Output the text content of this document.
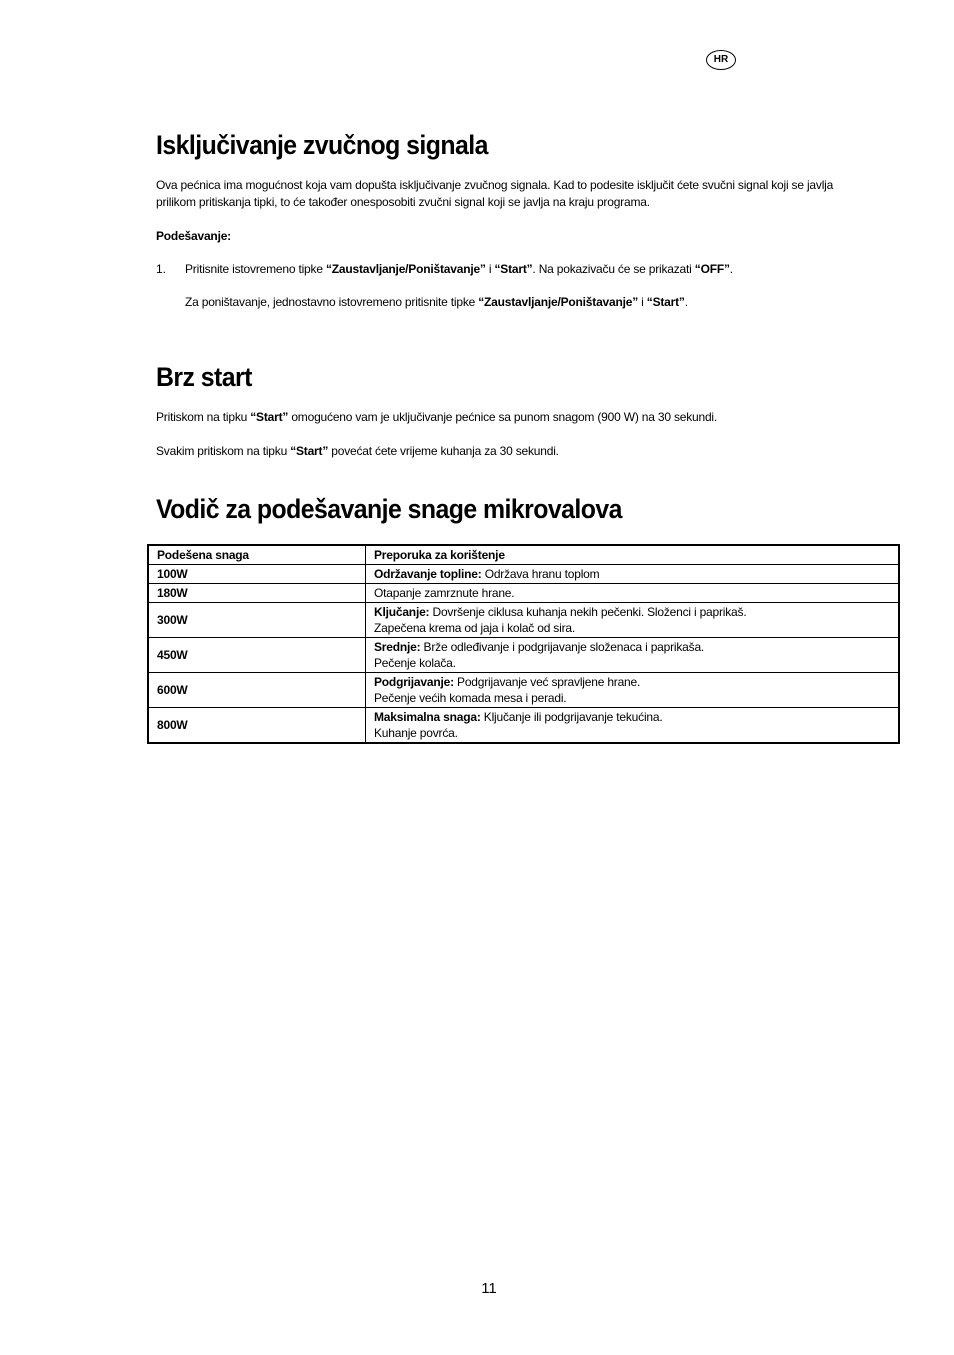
HR
Isključivanje zvučnog signala

Ova pećnica ima mogućnost koja vam dopušta isključivanje zvučnog signala. Kad to podesite isključit ćete svučni signal koji se javlja prilikom pritiskanja tipki, to će također onesposobiti zvučni signal koji se javlja na kraju programa.

Podešavanje:

1. Pritisnite istovremeno tipke “Zaustavljanje/Poništavanje” i “Start”. Na pokazivaču će se prikazati “OFF”.
Za poništavanje, jednostavno istovremeno pritisnite tipke “Zaustavljanje/Poništavanje” i “Start”.
Brz start

Pritiskom na tipku “Start” omogućeno vam je uključivanje pećnice sa punom snagom (900 W) na 30 sekundi.

Svakim pritiskom na tipku “Start” povećat ćete vrijeme kuhanja za 30 sekundi.

Vodič za podešavanje snage mikrovalova
Podešena snaga	Preporuka za korištenje
100W	Održavanje topline: Održava hranu toplom
180W	Otapanje zamrznute hrane.
300W	Ključanje: Dovršenje ciklusa kuhanja nekih pečenki. Složenci i paprikaš.
Zapečena krema od jaja i kolač od sira.
450W	Srednje: Brže odleđivanje i podgrijavanje složenaca i paprikaša.
Pečenje kolača.
600W	Podgrijavanje: Podgrijavanje već spravljene hrane.
Pečenje većih komada mesa i peradi.
800W	Maksimalna snaga: Ključanje ili podgrijavanje tekućina.
Kuhanje povrća.
11
